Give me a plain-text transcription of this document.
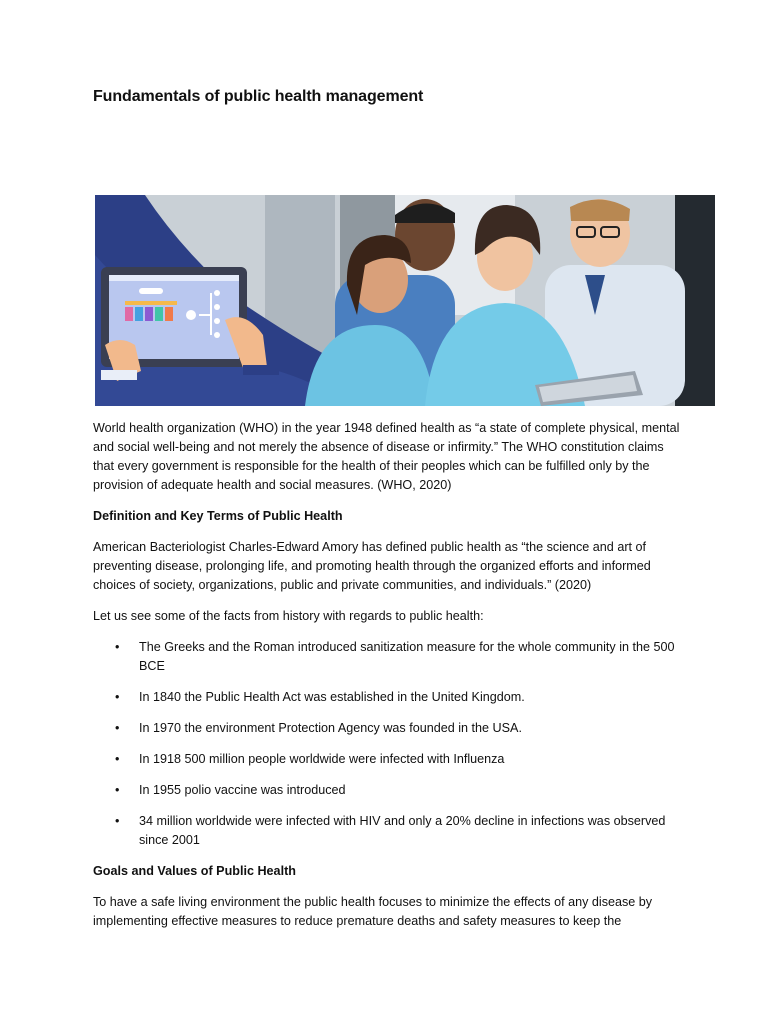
Fundamentals of public health management

World health organization (WHO) in the year 1948 defined health as “a state of complete physical, mental and social well-being and not merely the absence of disease or infirmity.” The WHO constitution claims that every government is responsible for the health of their peoples which can be fulfilled only by the provision of adequate health and social measures. (WHO, 2020)

Definition and Key Terms of Public Health

American Bacteriologist Charles-Edward Amory has defined public health as “the science and art of preventing disease, prolonging life, and promoting health through the organized efforts and informed choices of society, organizations, public and private communities, and individuals.” (2020)

Let us see some of the facts from history with regards to public health:

• The Greeks and the Roman introduced sanitization measure for the whole community in the 500 BCE
• In 1840 the Public Health Act was established in the United Kingdom.
• In 1970 the environment Protection Agency was founded in the USA.
• In 1918 500 million people worldwide were infected with Influenza
• In 1955 polio vaccine was introduced
• 34 million worldwide were infected with HIV and only a 20% decline in infections was observed since 2001
Goals and Values of Public Health

To have a safe living environment the public health focuses to minimize the effects of any disease by implementing effective measures to reduce premature deaths and safety measures to keep the
